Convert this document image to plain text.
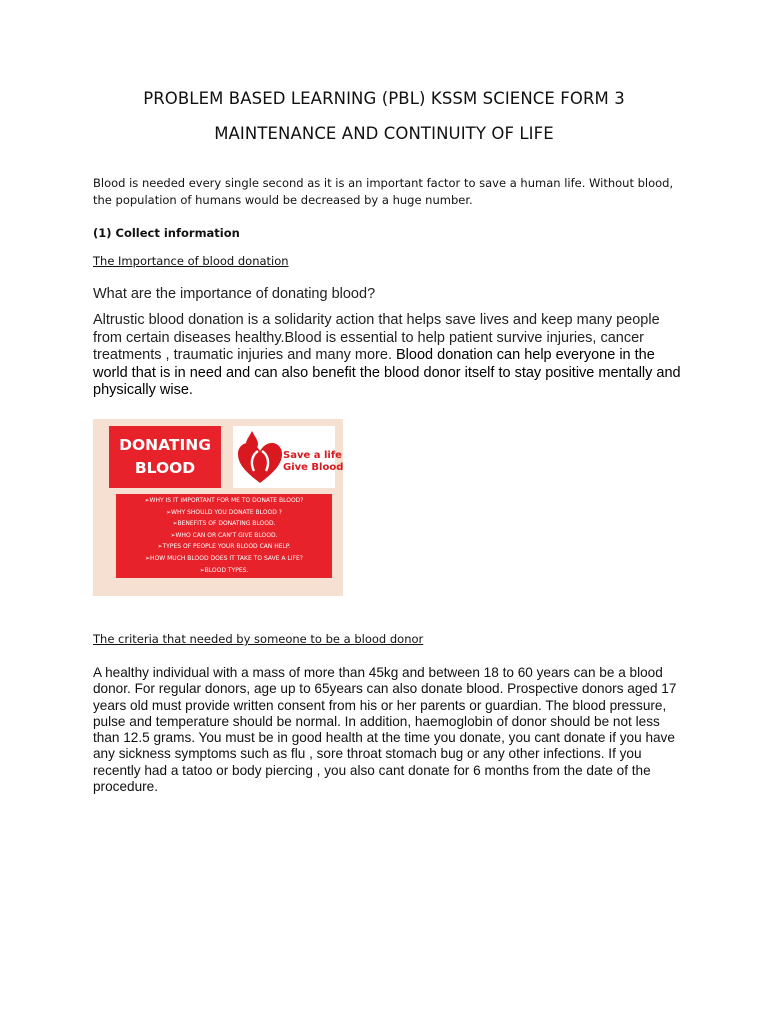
PROBLEM BASED LEARNING (PBL) KSSM SCIENCE FORM 3
MAINTENANCE AND CONTINUITY OF LIFE
Blood is needed every single second as it is an important factor to save a human life. Without blood, the population of humans would be decreased by a huge number.
(1) Collect information
The Importance of blood donation
What are the importance of donating blood?
Altrustic blood donation is a solidarity action that helps save lives and keep many people from certain diseases healthy.Blood is essential to help patient survive injuries, cancer treatments , traumatic injuries and many more. Blood donation can help everyone in the world that is in need and can also benefit the blood donor itself to stay positive mentally and physically wise.
DONATING
BLOOD
Save a life
Give Blood
➢WHY IS IT IMPORTANT FOR ME TO DONATE BLOOD?
➢WHY SHOULD YOU DONATE BLOOD ?
➢BENEFITS OF DONATING BLOOD.
➢WHO CAN OR CAN'T GIVE BLOOD.
➢TYPES OF PEOPLE YOUR BLOOD CAN HELP.
➢HOW MUCH BLOOD DOES IT TAKE TO SAVE A LIFE?
➢BLOOD TYPES.
The criteria that needed by someone to be a blood donor
A healthy individual with a mass of more than 45kg and between 18 to 60 years can be a blood donor. For regular donors, age up to 65years can also donate blood. Prospective donors aged 17 years old must provide written consent from his or her parents or guardian. The blood pressure, pulse and temperature should be normal. In addition, haemoglobin of donor should be not less than 12.5 grams. You must be in good health at the time you donate, you cant donate if you have any sickness symptoms such as flu , sore throat stomach bug or any other infections. If you recently had a tatoo or body piercing , you also cant donate for 6 months from the date of the procedure.
